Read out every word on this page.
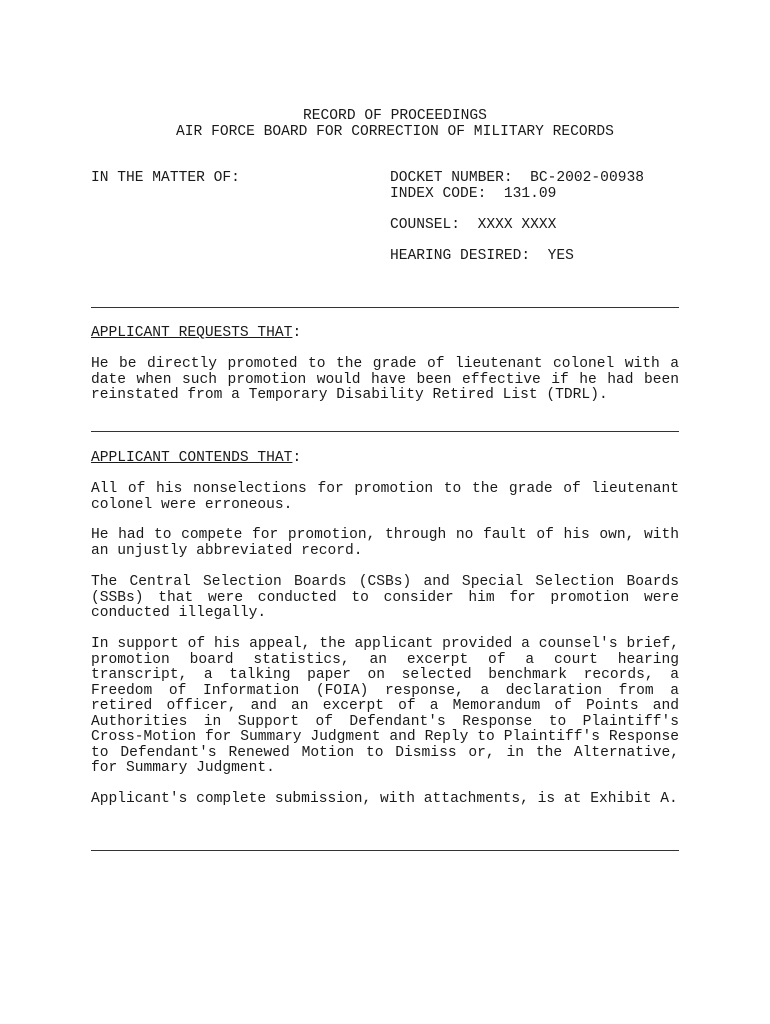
RECORD OF PROCEEDINGS
AIR FORCE BOARD FOR CORRECTION OF MILITARY RECORDS
IN THE MATTER OF:	DOCKET NUMBER:  BC-2002-00938
INDEX CODE:  131.09
COUNSEL:  XXXX XXXX
HEARING DESIRED:  YES
APPLICANT REQUESTS THAT:
He be directly promoted to the grade of lieutenant colonel with a date when such promotion would have been effective if he had been reinstated from a Temporary Disability Retired List (TDRL).
APPLICANT CONTENDS THAT:
All of his nonselections for promotion to the grade of lieutenant colonel were erroneous.
He had to compete for promotion, through no fault of his own, with an unjustly abbreviated record.
The Central Selection Boards (CSBs) and Special Selection Boards (SSBs) that were conducted to consider him for promotion were conducted illegally.
In support of his appeal, the applicant provided a counsel's brief, promotion board statistics, an excerpt of a court hearing transcript, a talking paper on selected benchmark records, a Freedom of Information (FOIA) response, a declaration from a retired officer, and an excerpt of a Memorandum of Points and Authorities in Support of Defendant's Response to Plaintiff's Cross-Motion for Summary Judgment and Reply to Plaintiff's Response to Defendant's Renewed Motion to Dismiss or, in the Alternative, for Summary Judgment.
Applicant's complete submission, with attachments, is at Exhibit A.
